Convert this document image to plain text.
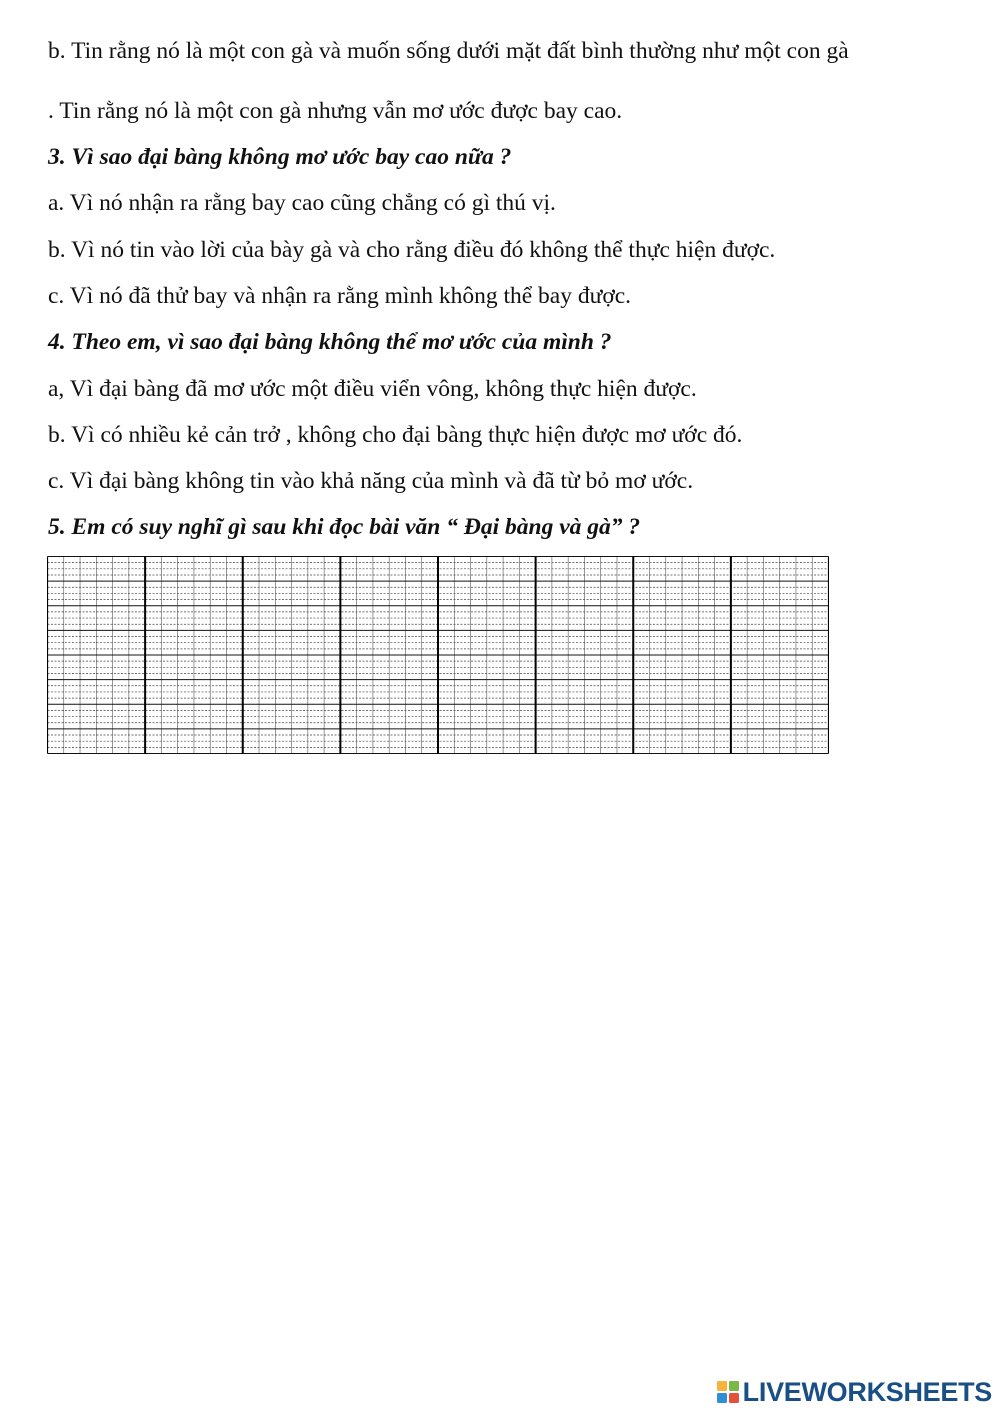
b. Tin rằng nó là một con gà và muốn sống dưới mặt đất bình thường như một con gà
. Tin rằng nó là một con gà nhưng vẫn mơ ước được bay cao.
3. Vì sao đại bàng không mơ ước bay cao nữa ?
a. Vì nó nhận ra rằng bay cao cũng chẳng có gì thú vị.
b. Vì nó tin vào lời của bày gà và cho rằng điều đó không thể thực hiện được.
c. Vì nó đã thử bay và nhận ra rằng mình không thể bay được.
4. Theo em, vì sao đại bàng không thể mơ ước của mình ?
a, Vì đại bàng đã mơ ước một điều viển vông, không thực hiện được.
b. Vì có nhiều kẻ cản trở , không cho đại bàng thực hiện được mơ ước đó.
c. Vì đại bàng không tin vào khả năng của mình và đã từ bỏ mơ ước.
5. Em có suy nghĩ gì sau khi đọc bài văn “ Đại bàng và gà” ?
LIVEWORKSHEETS
